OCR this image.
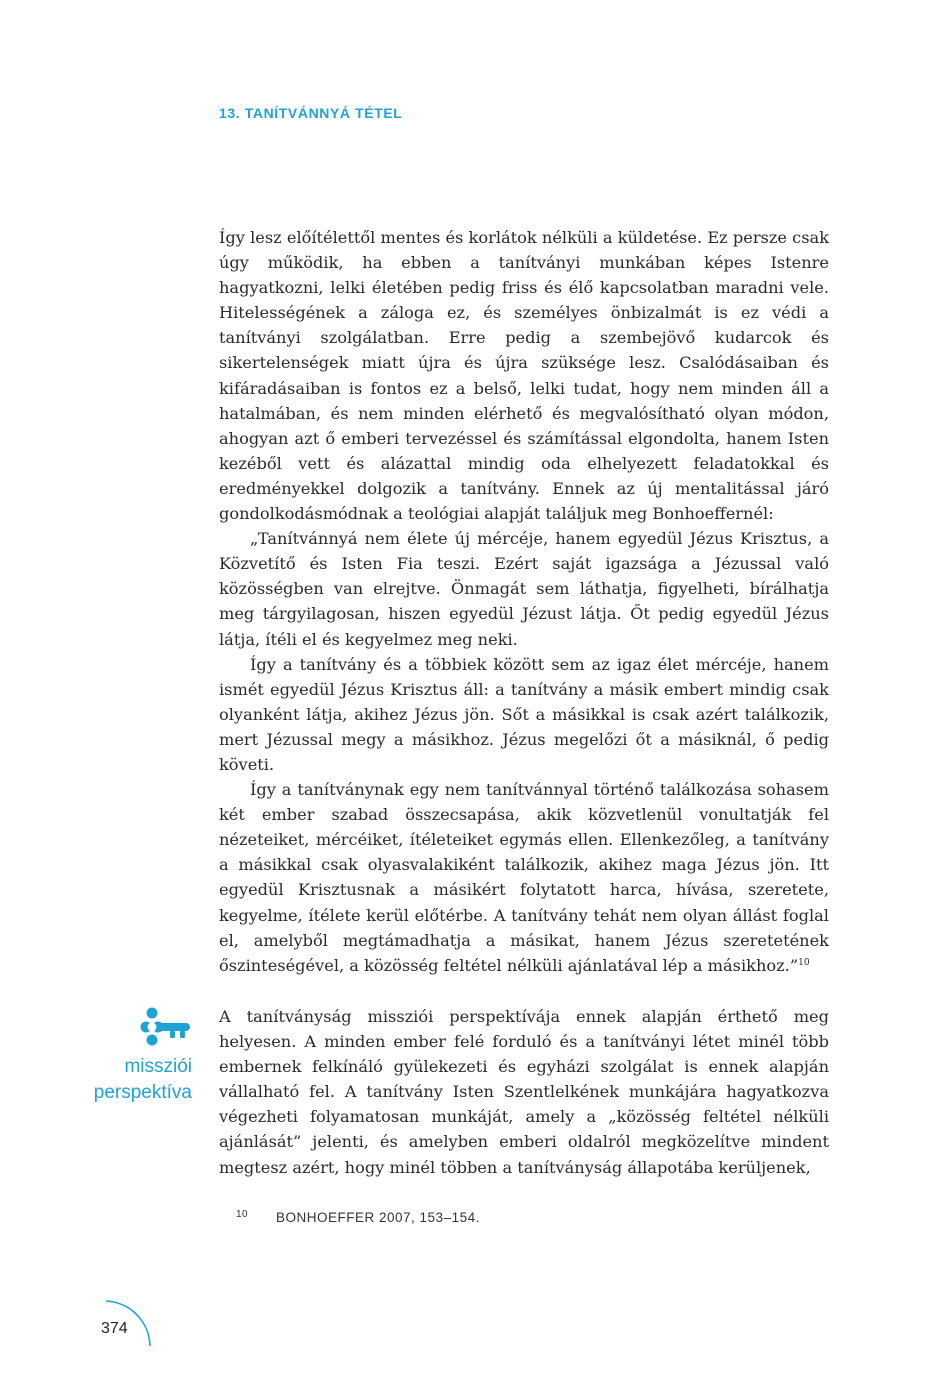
13. TANÍTVÁNNYÁ TÉTEL

Így lesz előítélettől mentes és korlátok nélküli a küldetése. Ez persze csak úgy működik, ha ebben a tanítványi munkában képes Istenre hagyatkozni, lelki életében pedig friss és élő kapcsolatban maradni vele. Hitelességének a záloga ez, és személyes önbizalmát is ez védi a tanítványi szolgálatban. Erre pedig a szembejövő kudarcok és sikertelenségek miatt újra és újra szüksége lesz. Csalódásaiban és kifáradásaiban is fontos ez a belső, lelki tudat, hogy nem minden áll a hatalmában, és nem minden elérhető és megvalósítható olyan módon, ahogyan azt ő emberi tervezéssel és számítással elgondolta, hanem Isten kezéből vett és alázattal mindig oda elhelyezett feladatokkal és eredményekkel dolgozik a tanítvány. Ennek az új mentalitással járó gondolkodásmódnak a teológiai alapját találjuk meg Bonhoeffernél:

„Tanítvánnyá nem élete új mércéje, hanem egyedül Jézus Krisztus, a Közvetítő és Isten Fia teszi. Ezért saját igazsága a Jézussal való közösségben van elrejtve. Önmagát sem láthatja, figyelheti, bírálhatja meg tárgyilagosan, hiszen egyedül Jézust látja. Őt pedig egyedül Jézus látja, ítéli el és kegyelmez meg neki.

Így a tanítvány és a többiek között sem az igaz élet mércéje, hanem ismét egyedül Jézus Krisztus áll: a tanítvány a másik embert mindig csak olyanként látja, akihez Jézus jön. Sőt a másikkal is csak azért találkozik, mert Jézussal megy a másikhoz. Jézus megelőzi őt a másiknál, ő pedig követi.

Így a tanítványnak egy nem tanítvánnyal történő találkozása sohasem két ember szabad összecsapása, akik közvetlenül vonultatják fel nézeteiket, mércéiket, ítéleteiket egymás ellen. Ellenkezőleg, a tanítvány a másikkal csak olyasvalakiként találkozik, akihez maga Jézus jön. Itt egyedül Krisztusnak a másikért folytatott harca, hívása, szeretete, kegyelme, ítélete kerül előtérbe. A tanítvány tehát nem olyan állást foglal el, amelyből megtámadhatja a másikat, hanem Jézus szeretetének őszinteségével, a közösség feltétel nélküli ajánlatával lép a másikhoz.”$^{10}$

missziói
perspektíva

A tanítványság missziói perspektívája ennek alapján érthető meg helyesen. A minden ember felé forduló és a tanítványi létet minél több embernek felkínáló gyülekezeti és egyházi szolgálat is ennek alapján vállalható fel. A tanítvány Isten Szentlelkének munkájára hagyatkozva végezheti folyamatosan munkáját, amely a „közösség feltétel nélküli ajánlását” jelenti, és amelyben emberi oldalról megközelítve mindent megtesz azért, hogy minél többen a tanítványság állapotába kerüljenek,

10 BONHOEFFER 2007, 153–154.
374
